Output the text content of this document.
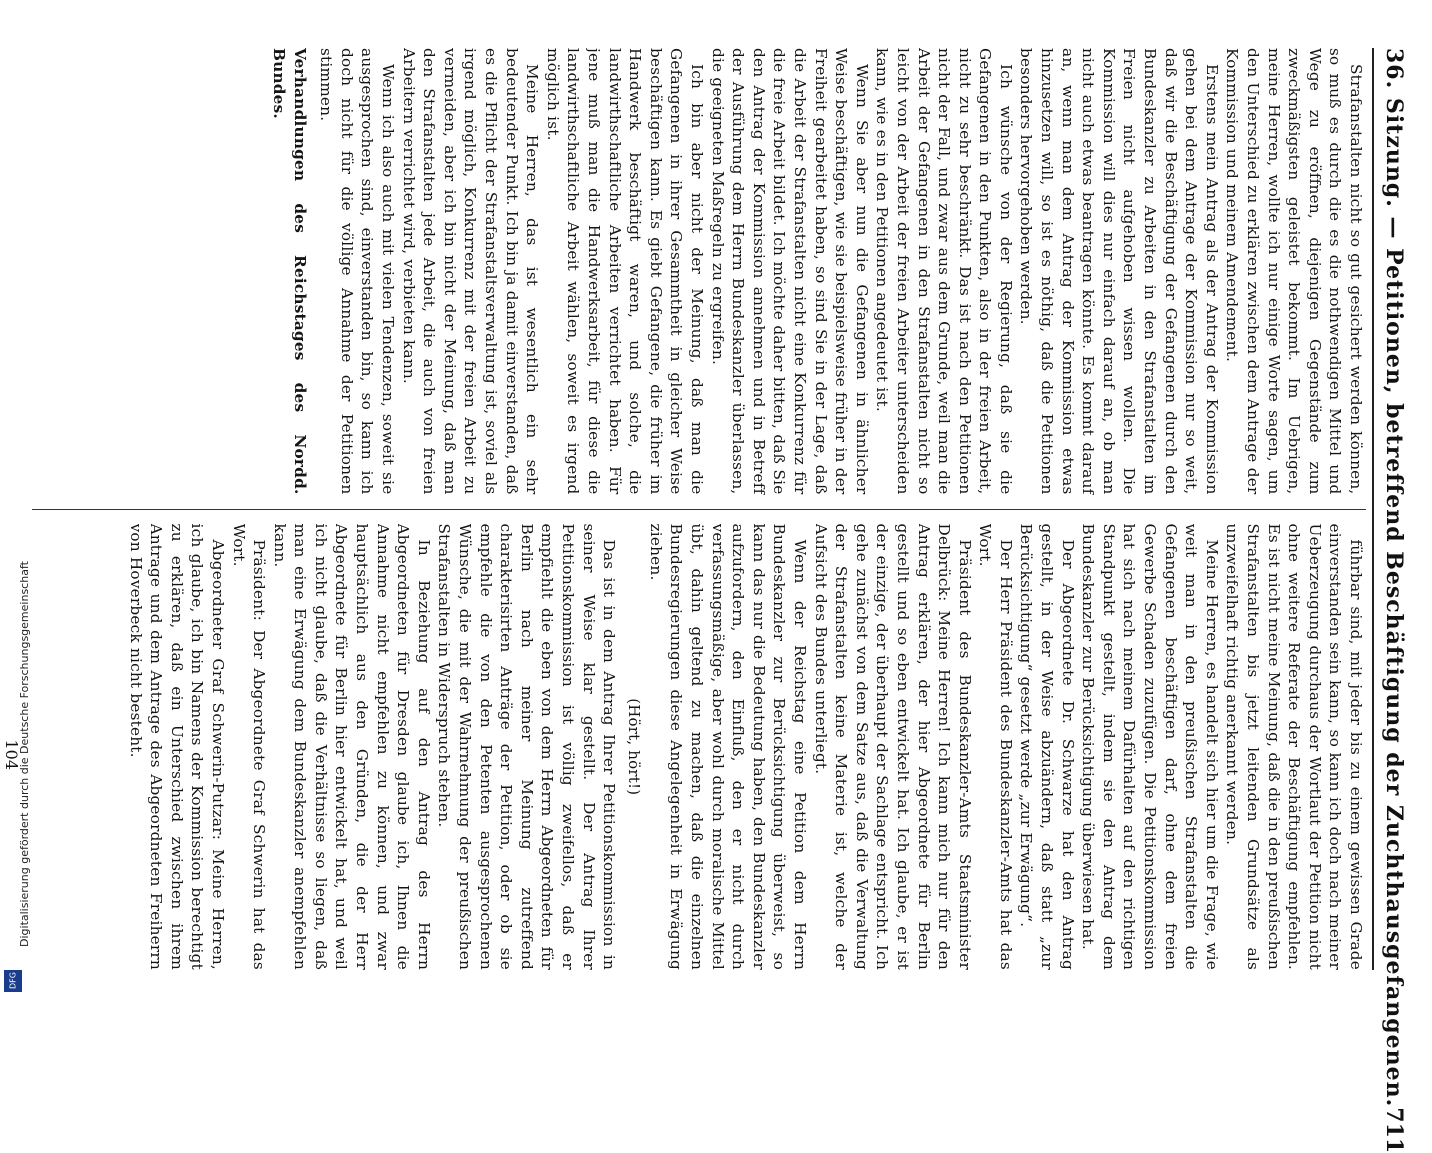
36. Sitzung. — Petitionen, betreffend Beschäftigung der Zuchthausgefangenen.
711

Strafanstalten nicht so gut gesichert werden können, so muß es durch die es die nothwendigen Mittel und Wege zu eröffnen, diejenigen Gegenstände zum zweckmäßigsten geleistet bekommt. Im Uebrigen, meine Herren, wollte ich nur einige Worte sagen, um den Unterschied zu erklären zwischen dem Antrage der Kommission und meinem Amendement.

Erstens mein Antrag als der Antrag der Kommission gehen bei dem Antrage der Kommission nur so weit, daß wir die Beschäftigung der Gefangenen durch den Bundeskanzler zu Arbeiten in den Strafanstalten im Freien nicht aufgehoben wissen wollen. Die Kommission will dies nur einfach darauf an, ob man nicht auch etwas beantragen könnte. Es kommt darauf an, wenn man dem Antrag der Kommission etwas hinzusetzen will, so ist es nöthig, daß die Petitionen besonders hervorgehoben werden.

Ich wünsche von der Regierung, daß sie die Gefangenen in den Punkten, also in der freien Arbeit, nicht zu sehr beschränkt. Das ist nach den Petitionen nicht der Fall, und zwar aus dem Grunde, weil man die Arbeit der Gefangenen in den Strafanstalten nicht so leicht von der Arbeit der freien Arbeiter unterscheiden kann, wie es in den Petitionen angedeutet ist.

Wenn Sie aber nun die Gefangenen in ähnlicher Weise beschäftigen, wie sie beispielsweise früher in der Freiheit gearbeitet haben, so sind Sie in der Lage, daß die Arbeit der Strafanstalten nicht eine Konkurrenz für die freie Arbeit bildet. Ich möchte daher bitten, daß Sie den Antrag der Kommission annehmen und in Betreff der Ausführung dem Herrn Bundeskanzler überlassen, die geeigneten Maßregeln zu ergreifen.

Ich bin aber nicht der Meinung, daß man die Gefangenen in ihrer Gesammtheit in gleicher Weise beschäftigen kann. Es giebt Gefangene, die früher im Handwerk beschäftigt waren, und solche, die landwirthschaftliche Arbeiten verrichtet haben. Für jene muß man die Handwerksarbeit, für diese die landwirthschaftliche Arbeit wählen, soweit es irgend möglich ist.

Meine Herren, das ist wesentlich ein sehr bedeutender Punkt. Ich bin ja damit einverstanden, daß es die Pflicht der Strafanstaltsverwaltung ist, soviel als irgend möglich, Konkurrenz mit der freien Arbeit zu vermeiden, aber ich bin nicht der Meinung, daß man den Strafanstalten jede Arbeit, die auch von freien Arbeitern verrichtet wird, verbieten kann.

Wenn ich also auch mit vielen Tendenzen, soweit sie ausgesprochen sind, einverstanden bin, so kann ich doch nicht für die völlige Annahme der Petitionen stimmen.

Verhandlungen des Reichstages des Nordd. Bundes.

führbar sind, mit jeder bis zu einem gewissen Grade einverstanden sein kann, so kann ich doch nach meiner Ueberzeugung durchaus der Wortlaut der Petition nicht ohne weitere Referate der Beschäftigung empfehlen. Es ist nicht meine Meinung, daß die in den preußischen Strafanstalten bis jetzt leitenden Grundsätze als unzweifelhaft richtig anerkannt werden.

Meine Herren, es handelt sich hier um die Frage, wie weit man in den preußischen Strafanstalten die Gefangenen beschäftigen darf, ohne dem freien Gewerbe Schaden zuzufügen. Die Petitionskommission hat sich nach meinem Dafürhalten auf den richtigen Standpunkt gestellt, indem sie den Antrag dem Bundeskanzler zur Berücksichtigung überwiesen hat.

Der Abgeordnete Dr. Schwarze hat den Antrag gestellt, in der Weise abzuändern, daß statt „zur Berücksichtigung“ gesetzt werde „zur Erwägung“.

Der Herr Präsident des Bundeskanzler-Amts hat das Wort.

Präsident des Bundeskanzler-Amts Staatsminister Delbrück: Meine Herren! Ich kann mich nur für den Antrag erklären, der hier Abgeordnete für Berlin gestellt und so eben entwickelt hat. Ich glaube, er ist der einzige, der überhaupt der Sachlage entspricht. Ich gehe zunächst von dem Satze aus, daß die Verwaltung der Strafanstalten keine Materie ist, welche der Aufsicht des Bundes unterliegt.

Wenn der Reichstag eine Petition dem Herrn Bundeskanzler zur Berücksichtigung überweist, so kann das nur die Bedeutung haben, den Bundeskanzler aufzufordern, den Einfluß, den er nicht durch verfassungsmäßige, aber wohl durch moralische Mittel übt, dahin geltend zu machen, daß die einzelnen Bundesregierungen diese Angelegenheit in Erwägung ziehen.

(Hört, hört!)

Das ist in dem Antrag Ihrer Petitionskommission in seiner Weise klar gestellt. Der Antrag Ihrer Petitionskommission ist völlig zweifellos, daß er empfiehlt die eben von dem Herrn Abgeordneten für Berlin nach meiner Meinung zutreffend charakterisirten Anträge der Petition, oder ob sie empfehle die von den Petenten ausgesprochenen Wünsche, die mit der Wahrnehmung der preußischen Strafanstalten in Widerspruch stehen.

In Beziehung auf den Antrag des Herrn Abgeordneten für Dresden glaube ich, Ihnen die Annahme nicht empfehlen zu können, und zwar hauptsächlich aus den Gründen, die der Herr Abgeordnete für Berlin hier entwickelt hat, und weil ich nicht glaube, daß die Verhältnisse so liegen, daß man eine Erwägung dem Bundeskanzler anempfehlen kann.

Präsident: Der Abgeordnete Graf Schwerin hat das Wort.

Abgeordneter Graf Schwerin-Putzar: Meine Herren, ich glaube, ich bin Namens der Kommission berechtigt zu erklären, daß ein Unterschied zwischen ihrem Antrage und dem Antrage des Abgeordneten Freiherrn von Hoverbeck nicht besteht.

104
Digitalisierung gefördert durch die Deutsche Forschungsgemeinschaft
DFG
